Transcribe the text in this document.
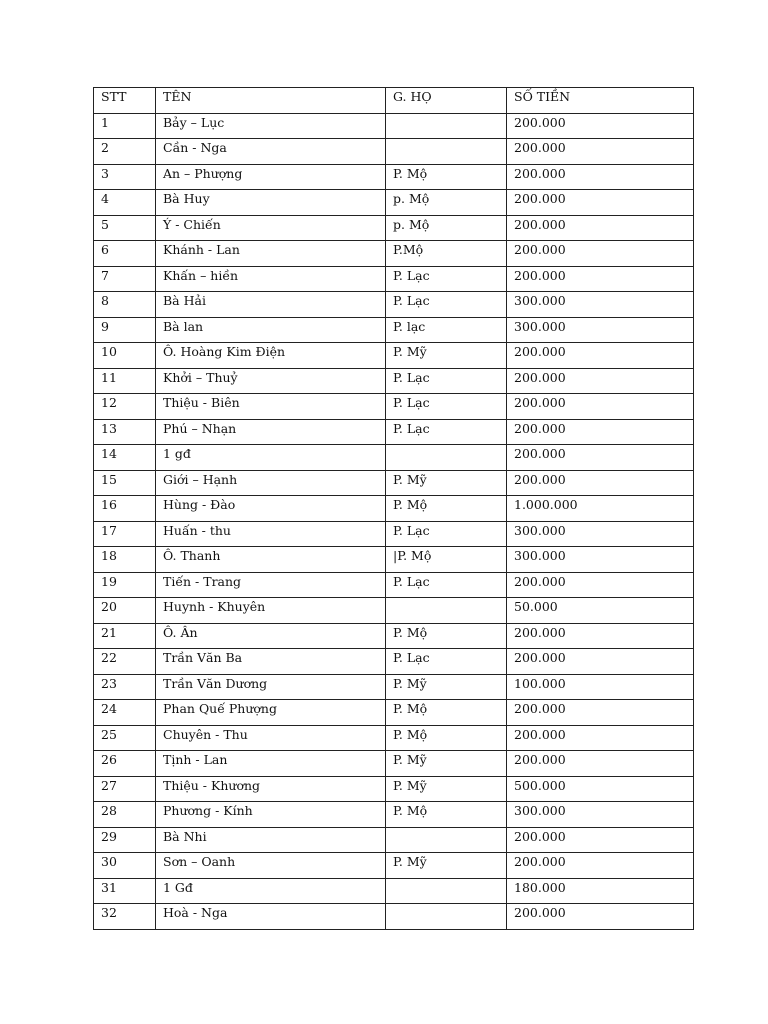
STT	TÊN	G. HỌ	SỐ TIỀN

1	Bảy – Lục		200.000

2	Cần - Nga		200.000

3	An – Phượng	P. Mộ	200.000

4	Bà Huy	p. Mộ	200.000

5	Ý - Chiến	p. Mộ	200.000

6	Khánh - Lan	P.Mộ	200.000

7	Khấn – hiền	P. Lạc	200.000

8	Bà Hải	P. Lạc	300.000

9	Bà lan	P. lạc	300.000

10	Ô. Hoàng Kim Điện	P. Mỹ	200.000

11	Khởi – Thuỷ	P. Lạc	200.000

12	Thiệu - Biên	P. Lạc	200.000

13	Phú – Nhạn	P. Lạc	200.000

14	1 gđ		200.000

15	Giới – Hạnh	P. Mỹ	200.000

16	Hùng - Đào	P. Mộ	1.000.000

17	Huấn - thu	P. Lạc	300.000

18	Ô. Thanh	|P. Mộ	300.000

19	Tiến - Trang	P. Lạc	200.000

20	Huynh - Khuyên		50.000

21	Ô. Ân	P. Mộ	200.000

22	Trần Văn Ba	P. Lạc	200.000

23	Trần Văn Dương	P. Mỹ	100.000

24	Phan Quế Phượng	P. Mộ	200.000

25	Chuyên - Thu	P. Mộ	200.000

26	Tịnh - Lan	P. Mỹ	200.000

27	Thiệu - Khương	P. Mỹ	500.000

28	Phương - Kính	P. Mộ	300.000

29	Bà Nhi		200.000

30	Sơn – Oanh	P. Mỹ	200.000

31	1 Gđ		180.000

32	Hoà - Nga		200.000
